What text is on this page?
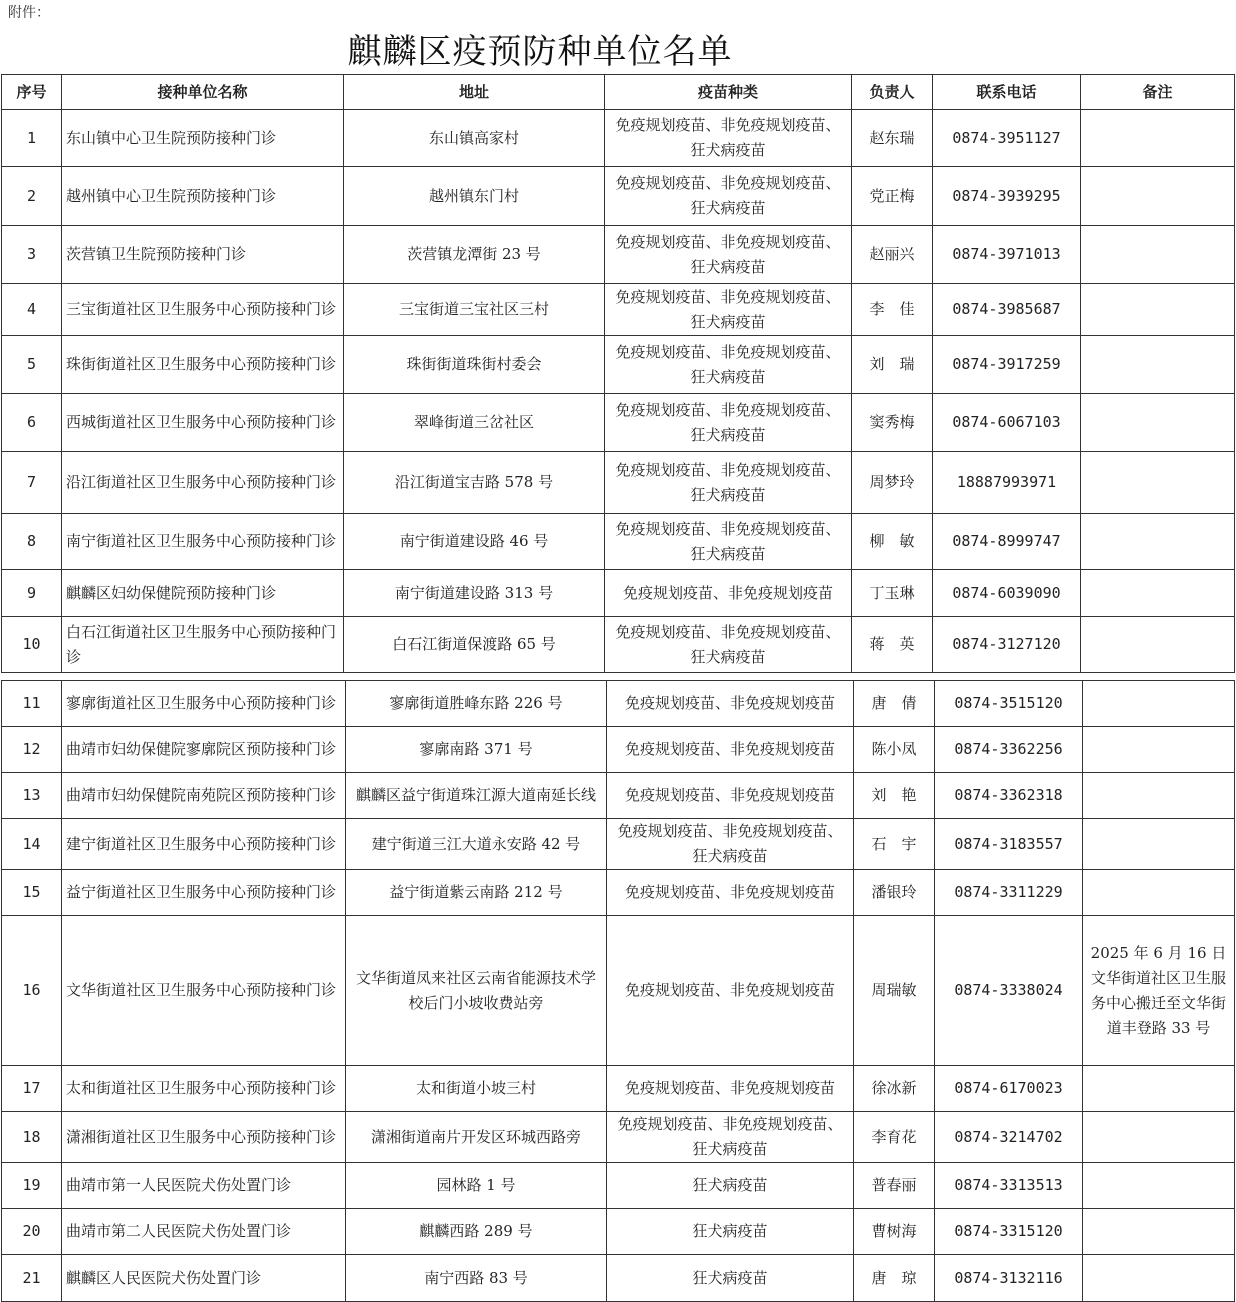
附件：
麒麟区疫预防种单位名单
序号	接种单位名称	地址	疫苗种类	负责人	联系电话	备注
1	东山镇中心卫生院预防接种门诊	东山镇高家村	免疫规划疫苗、非免疫规划疫苗、狂犬病疫苗	赵东瑞	0874-3951127	
2	越州镇中心卫生院预防接种门诊	越州镇东门村	免疫规划疫苗、非免疫规划疫苗、狂犬病疫苗	党正梅	0874-3939295	
3	茨营镇卫生院预防接种门诊	茨营镇龙潭街 23 号	免疫规划疫苗、非免疫规划疫苗、狂犬病疫苗	赵丽兴	0874-3971013	
4	三宝街道社区卫生服务中心预防接种门诊	三宝街道三宝社区三村	免疫规划疫苗、非免疫规划疫苗、狂犬病疫苗	李　佳	0874-3985687	
5	珠街街道社区卫生服务中心预防接种门诊	珠街街道珠街村委会	免疫规划疫苗、非免疫规划疫苗、狂犬病疫苗	刘　瑞	0874-3917259	
6	西城街道社区卫生服务中心预防接种门诊	翠峰街道三岔社区	免疫规划疫苗、非免疫规划疫苗、狂犬病疫苗	窦秀梅	0874-6067103	
7	沿江街道社区卫生服务中心预防接种门诊	沿江街道宝吉路 578 号	免疫规划疫苗、非免疫规划疫苗、狂犬病疫苗	周梦玲	18887993971	
8	南宁街道社区卫生服务中心预防接种门诊	南宁街道建设路 46 号	免疫规划疫苗、非免疫规划疫苗、狂犬病疫苗	柳　敏	0874-8999747	
9	麒麟区妇幼保健院预防接种门诊	南宁街道建设路 313 号	免疫规划疫苗、非免疫规划疫苗	丁玉琳	0874-6039090	
10	白石江街道社区卫生服务中心预防接种门诊	白石江街道保渡路 65 号	免疫规划疫苗、非免疫规划疫苗、狂犬病疫苗	蒋　英	0874-3127120	
11	寥廓街道社区卫生服务中心预防接种门诊	寥廓街道胜峰东路 226 号	免疫规划疫苗、非免疫规划疫苗	唐　倩	0874-3515120	
12	曲靖市妇幼保健院寥廓院区预防接种门诊	寥廓南路 371 号	免疫规划疫苗、非免疫规划疫苗	陈小凤	0874-3362256	
13	曲靖市妇幼保健院南苑院区预防接种门诊	麒麟区益宁街道珠江源大道南延长线	免疫规划疫苗、非免疫规划疫苗	刘　艳	0874-3362318	
14	建宁街道社区卫生服务中心预防接种门诊	建宁街道三江大道永安路 42 号	免疫规划疫苗、非免疫规划疫苗、狂犬病疫苗	石　宇	0874-3183557	
15	益宁街道社区卫生服务中心预防接种门诊	益宁街道紫云南路 212 号	免疫规划疫苗、非免疫规划疫苗	潘银玲	0874-3311229	
16	文华街道社区卫生服务中心预防接种门诊	文华街道凤来社区云南省能源技术学校后门小坡收费站旁	免疫规划疫苗、非免疫规划疫苗	周瑞敏	0874-3338024	2025 年 6 月 16 日文华街道社区卫生服务中心搬迁至文华街道丰登路 33 号
17	太和街道社区卫生服务中心预防接种门诊	太和街道小坡三村	免疫规划疫苗、非免疫规划疫苗	徐冰新	0874-6170023	
18	潇湘街道社区卫生服务中心预防接种门诊	潇湘街道南片开发区环城西路旁	免疫规划疫苗、非免疫规划疫苗、狂犬病疫苗	李育花	0874-3214702	
19	曲靖市第一人民医院犬伤处置门诊	园林路 1 号	狂犬病疫苗	普春丽	0874-3313513	
20	曲靖市第二人民医院犬伤处置门诊	麒麟西路 289 号	狂犬病疫苗	曹树海	0874-3315120	
21	麒麟区人民医院犬伤处置门诊	南宁西路 83 号	狂犬病疫苗	唐　琼	0874-3132116	
